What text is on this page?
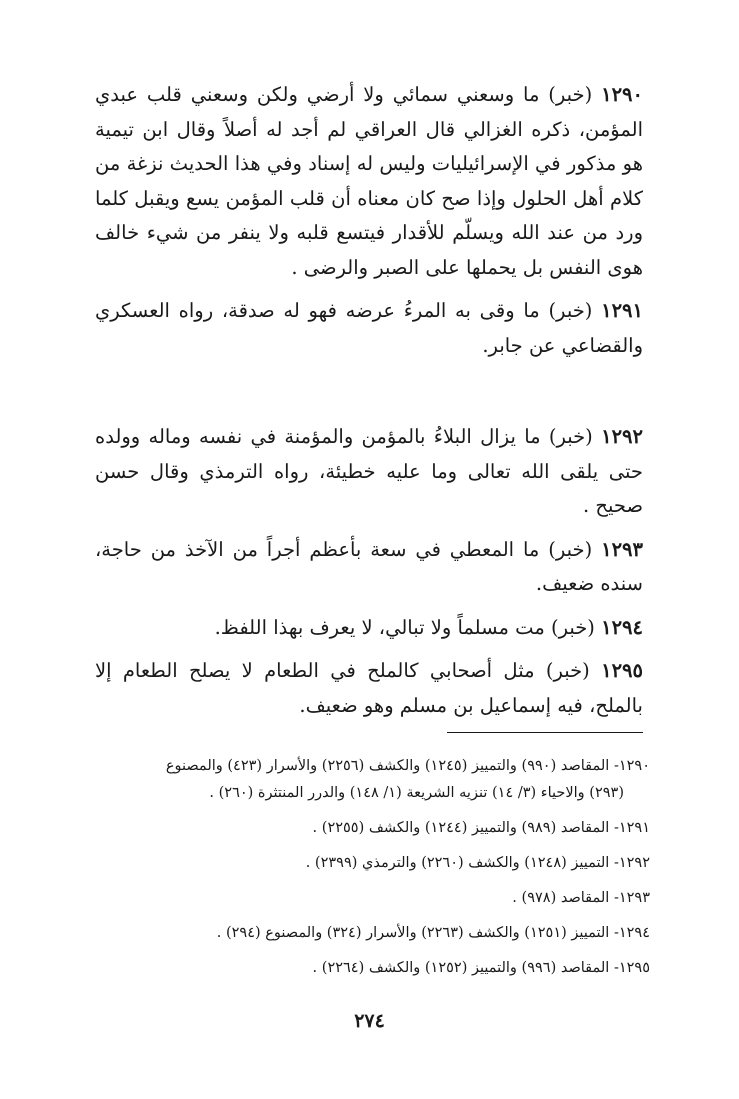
١٢٩٠ (خبر) ما وسعني سمائي ولا أرضي ولكن وسعني قلب عبدي المؤمن، ذكره الغزالي قال العراقي لم أجد له أصلاً وقال ابن تيمية هو مذكور في الإسرائيليات وليس له إسناد وفي هذا الحديث نزغة من كلام أهل الحلول وإذا صح كان معناه أن قلب المؤمن يسع ويقبل كلما ورد من عند الله ويسلّم للأقدار فيتسع قلبه ولا ينفر من شيء خالف هوى النفس بل يحملها على الصبر والرضى .

١٢٩١ (خبر) ما وقى به المرءُ عرضه فهو له صدقة، رواه العسكري والقضاعي عن جابر.

١٢٩٢ (خبر) ما يزال البلاءُ بالمؤمن والمؤمنة في نفسه وماله وولده حتى يلقى الله تعالى وما عليه خطيئة، رواه الترمذي وقال حسن صحيح .

١٢٩٣ (خبر) ما المعطي في سعة بأعظم أجراً من الآخذ من حاجة، سنده ضعيف.

١٢٩٤ (خبر) مت مسلماً ولا تبالي، لا يعرف بهذا اللفظ.

١٢٩٥ (خبر) مثل أصحابي كالملح في الطعام لا يصلح الطعام إلا بالملح، فيه إسماعيل بن مسلم وهو ضعيف.

١٢٩٠- المقاصد (٩٩٠) والتمييز (١٢٤٥) والكشف (٢٢٥٦) والأسرار (٤٢٣) والمصنوع
(٢٩٣) والاحياء (٣/ ١٤) تنزيه الشريعة (١/ ١٤٨) والدرر المنتثرة (٢٦٠) .

١٢٩١- المقاصد (٩٨٩) والتمييز (١٢٤٤) والكشف (٢٢٥٥) .

١٢٩٢- التمييز (١٢٤٨) والكشف (٢٢٦٠) والترمذي (٢٣٩٩) .

١٢٩٣- المقاصد (٩٧٨) .

١٢٩٤- التمييز (١٢٥١) والكشف (٢٢٦٣) والأسرار (٣٢٤) والمصنوع (٢٩٤) .

١٢٩٥- المقاصد (٩٩٦) والتمييز (١٢٥٢) والكشف (٢٢٦٤) .

٢٧٤
